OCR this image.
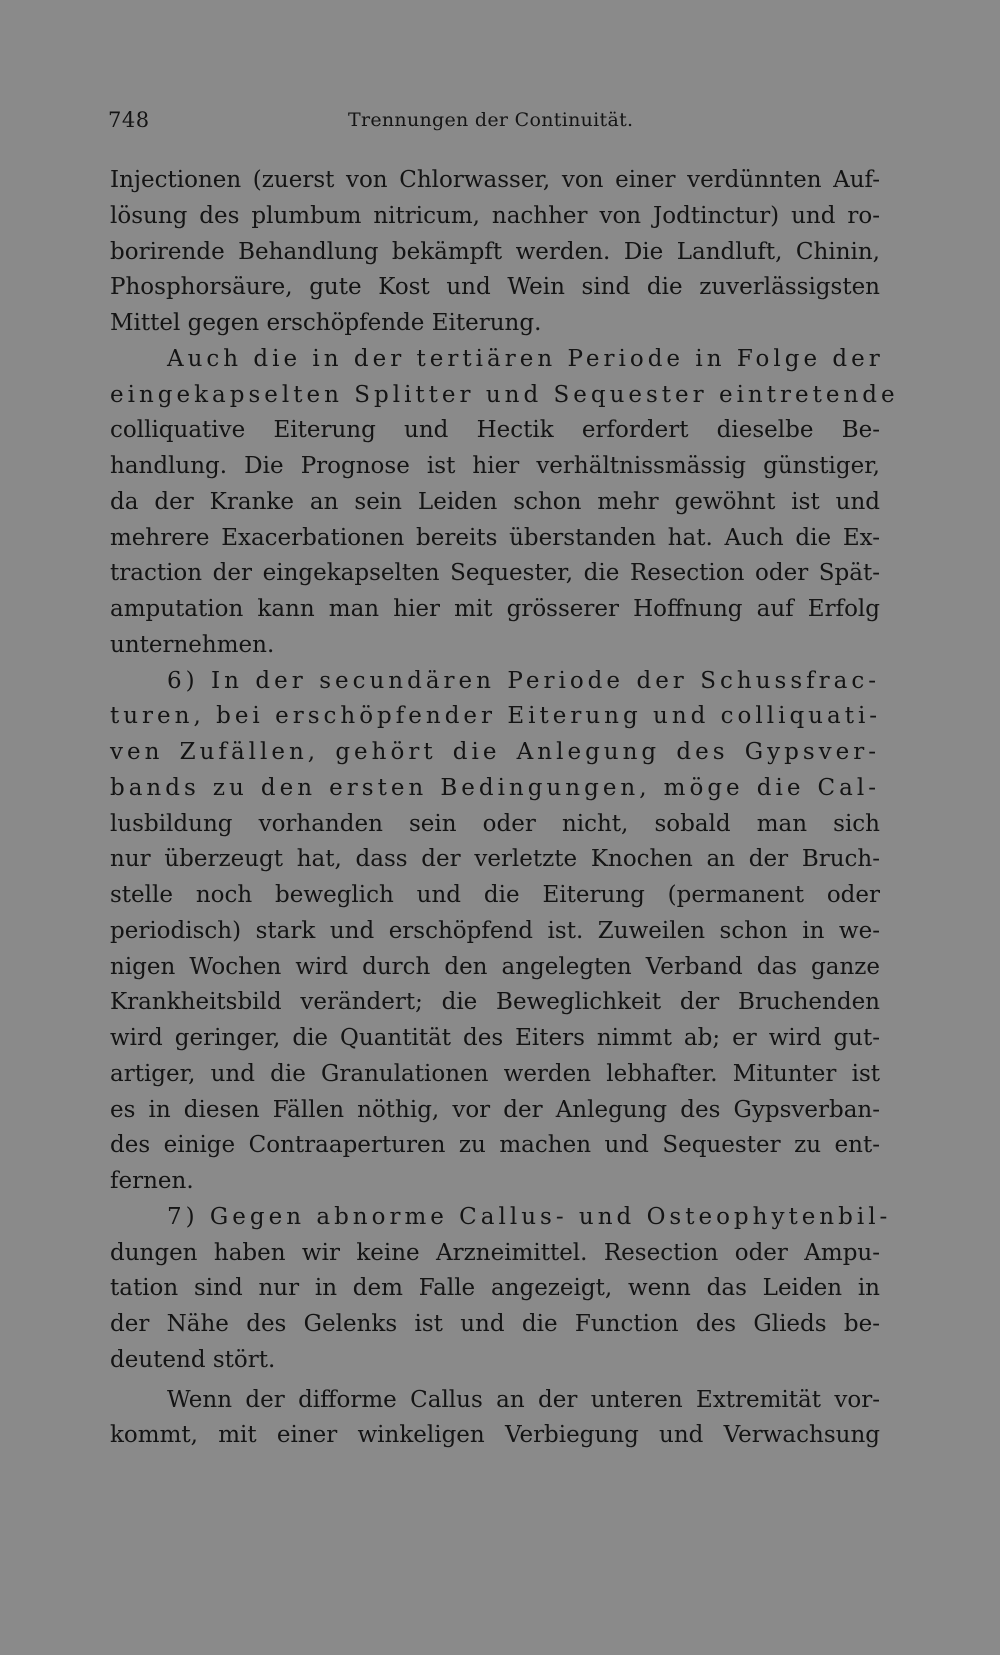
748	Trennungen der Continuität.
Injectionen (zuerst von Chlorwasser, von einer verdünnten Auf-
lösung des plumbum nitricum, nachher von Jodtinctur) und ro-
borirende Behandlung bekämpft werden. Die Landluft, Chinin,
Phosphorsäure, gute Kost und Wein sind die zuverlässigsten
Mittel gegen erschöpfende Eiterung.
Auch die in der tertiären Periode in Folge der
eingekapselten Splitter und Sequester eintretende
colliquative Eiterung und Hectik erfordert dieselbe Be-
handlung. Die Prognose ist hier verhältnissmässig günstiger,
da der Kranke an sein Leiden schon mehr gewöhnt ist und
mehrere Exacerbationen bereits überstanden hat. Auch die Ex-
traction der eingekapselten Sequester, die Resection oder Spät-
amputation kann man hier mit grösserer Hoffnung auf Erfolg
unternehmen.
6) In der secundären Periode der Schussfrac-
turen, bei erschöpfender Eiterung und colliquati-
ven Zufällen, gehört die Anlegung des Gypsver-
bands zu den ersten Bedingungen, möge die Cal-
lusbildung vorhanden sein oder nicht, sobald man sich
nur überzeugt hat, dass der verletzte Knochen an der Bruch-
stelle noch beweglich und die Eiterung (permanent oder
periodisch) stark und erschöpfend ist. Zuweilen schon in we-
nigen Wochen wird durch den angelegten Verband das ganze
Krankheitsbild verändert; die Beweglichkeit der Bruchenden
wird geringer, die Quantität des Eiters nimmt ab; er wird gut-
artiger, und die Granulationen werden lebhafter. Mitunter ist
es in diesen Fällen nöthig, vor der Anlegung des Gypsverban-
des einige Contraaperturen zu machen und Sequester zu ent-
fernen.
7) Gegen abnorme Callus- und Osteophytenbil-
dungen haben wir keine Arzneimittel. Resection oder Ampu-
tation sind nur in dem Falle angezeigt, wenn das Leiden in
der Nähe des Gelenks ist und die Function des Glieds be-
deutend stört.
Wenn der difforme Callus an der unteren Extremität vor-
kommt, mit einer winkeligen Verbiegung und Verwachsung
